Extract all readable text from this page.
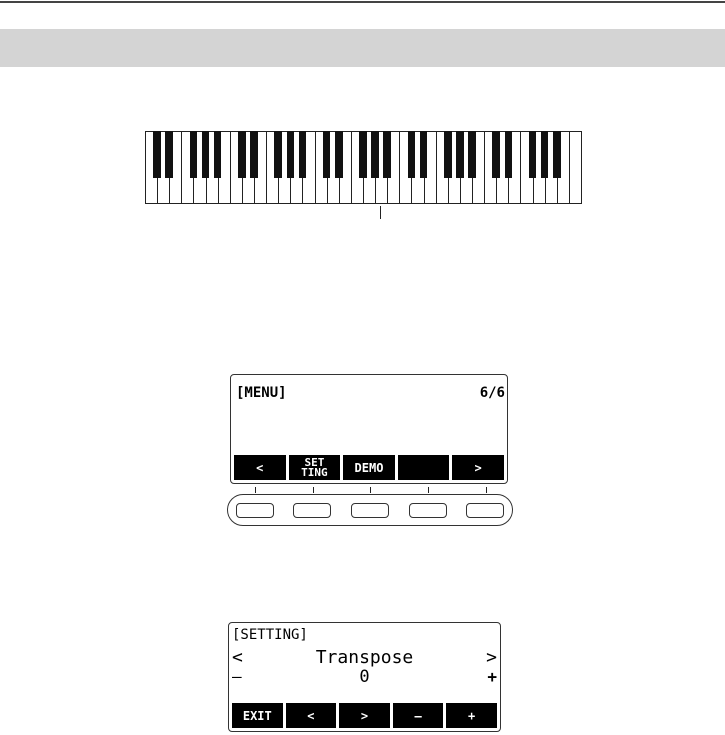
[MENU]	6/6
<	SET
TING	DEMO	>
[SETTING]
<	Transpose	>
–	0	+
EXIT	<	>	–	+
